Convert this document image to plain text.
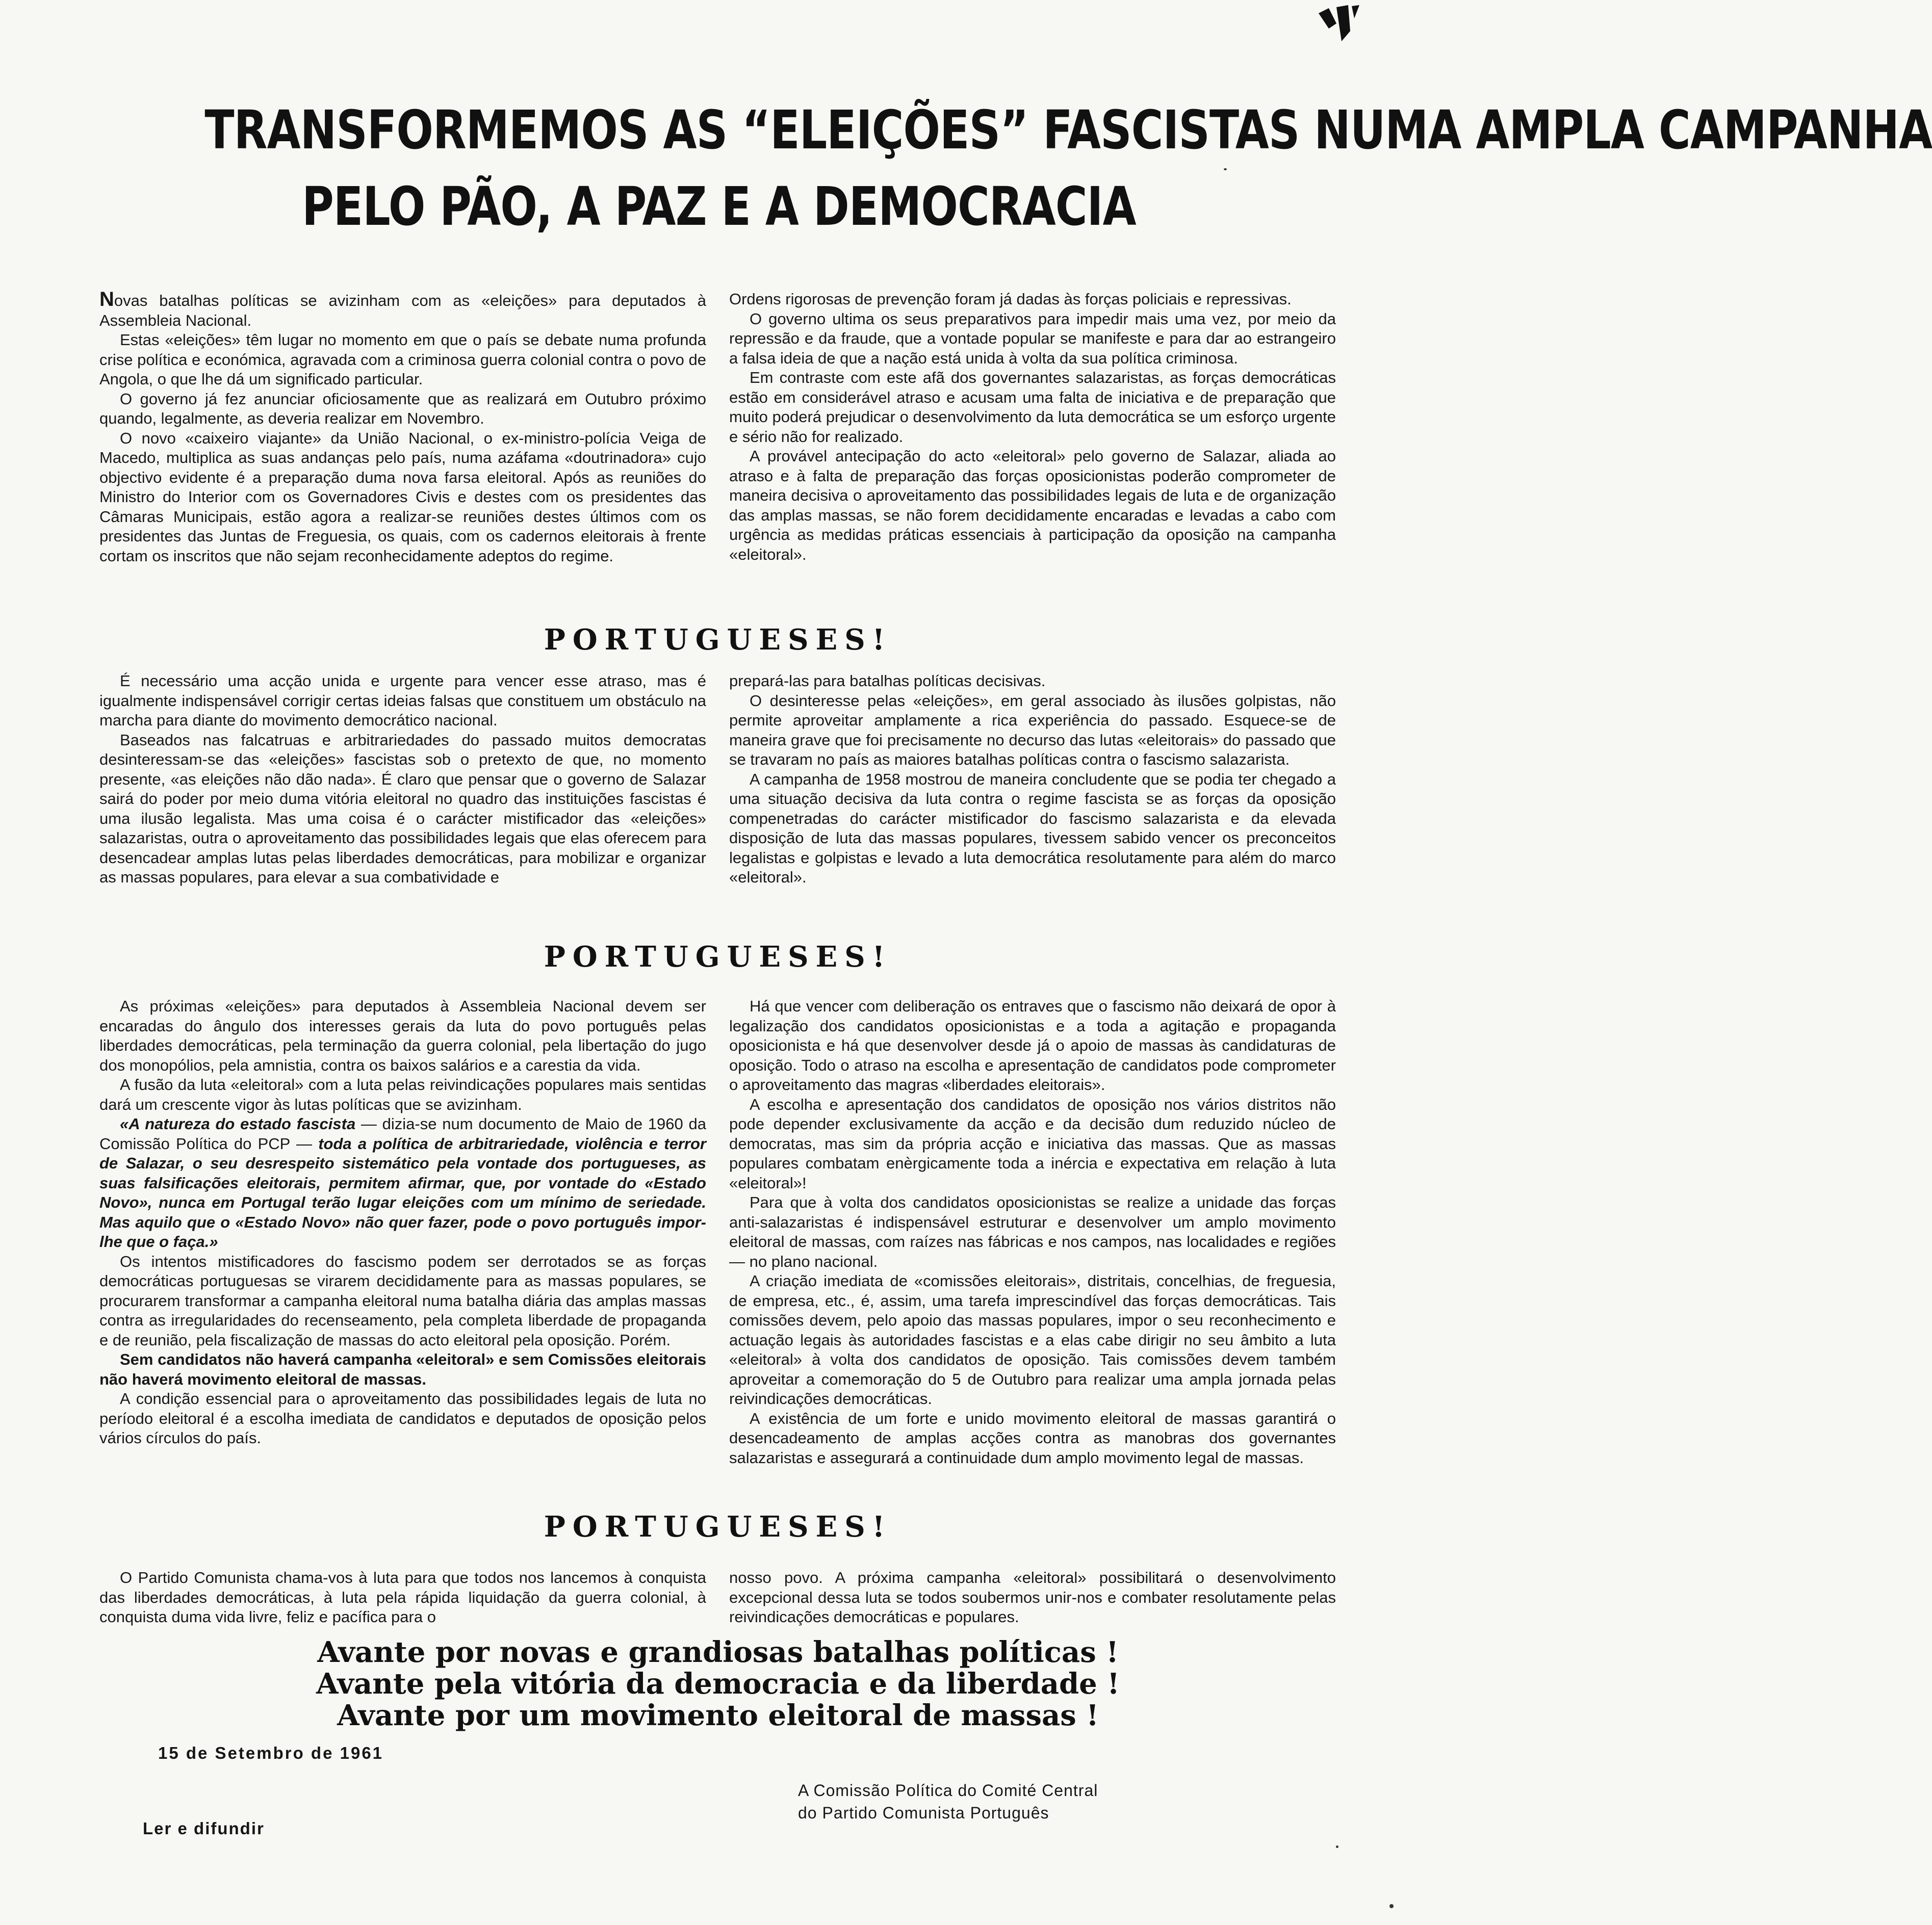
TRANSFORMEMOS AS “ELEIÇÕES” FASCISTAS NUMA AMPLA CAMPANHA
PELO PÃO, A PAZ E A DEMOCRACIA

Novas batalhas políticas se avizinham com as «eleições» para deputados à Assembleia Nacional.

Estas «eleições» têm lugar no momento em que o país se debate numa profunda crise política e económica, agravada com a criminosa guerra colonial contra o povo de Angola, o que lhe dá um significado particular.

O governo já fez anunciar oficiosamente que as realizará em Outubro próximo quando, legalmente, as deveria realizar em Novembro.

O novo «caixeiro viajante» da União Nacional, o ex-ministro-polícia Veiga de Macedo, multiplica as suas andanças pelo país, numa azáfama «doutrinadora» cujo objectivo evidente é a preparação duma nova farsa eleitoral. Após as reuniões do Ministro do Interior com os Governadores Civis e destes com os presidentes das Câmaras Municipais, estão agora a realizar-se reuniões destes últimos com os presidentes das Juntas de Freguesia, os quais, com os cadernos eleitorais à frente cortam os inscritos que não sejam reconhecidamente adeptos do regime.

Ordens rigorosas de prevenção foram já dadas às forças policiais e repressivas.

O governo ultima os seus preparativos para impedir mais uma vez, por meio da repressão e da fraude, que a vontade popular se manifeste e para dar ao estrangeiro a falsa ideia de que a nação está unida à volta da sua política criminosa.

Em contraste com este afã dos governantes salazaristas, as forças democráticas estão em considerável atraso e acusam uma falta de iniciativa e de preparação que muito poderá prejudicar o desenvolvimento da luta democrática se um esforço urgente e sério não for realizado.

A provável antecipação do acto «eleitoral» pelo governo de Salazar, aliada ao atraso e à falta de preparação das forças oposicionistas poderão comprometer de maneira decisiva o aproveitamento das possibilidades legais de luta e de organização das amplas massas, se não forem decididamente encaradas e levadas a cabo com urgência as medidas práticas essenciais à participação da oposição na campanha «eleitoral».

PORTUGUESES!

É necessário uma acção unida e urgente para vencer esse atraso, mas é igualmente indispensável corrigir certas ideias falsas que constituem um obstáculo na marcha para diante do movimento democrático nacional.

Baseados nas falcatruas e arbitrariedades do passado muitos democratas desinteressam-se das «eleições» fascistas sob o pretexto de que, no momento presente, «as eleições não dão nada». É claro que pensar que o governo de Salazar sairá do poder por meio duma vitória eleitoral no quadro das instituições fascistas é uma ilusão legalista. Mas uma coisa é o carácter mistificador das «eleições» salazaristas, outra o aproveitamento das possibilidades legais que elas oferecem para desencadear amplas lutas pelas liberdades democráticas, para mobilizar e organizar as massas populares, para elevar a sua combatividade e

prepará-las para batalhas políticas decisivas.

O desinteresse pelas «eleições», em geral associado às ilusões golpistas, não permite aproveitar amplamente a rica experiência do passado. Esquece-se de maneira grave que foi precisamente no decurso das lutas «eleitorais» do passado que se travaram no país as maiores batalhas políticas contra o fascismo salazarista.

A campanha de 1958 mostrou de maneira concludente que se podia ter chegado a uma situação decisiva da luta contra o regime fascista se as forças da oposição compenetradas do carácter mistificador do fascismo salazarista e da elevada disposição de luta das massas populares, tivessem sabido vencer os preconceitos legalistas e golpistas e levado a luta democrática resolutamente para além do marco «eleitoral».

PORTUGUESES!

As próximas «eleições» para deputados à Assembleia Nacional devem ser encaradas do ângulo dos interesses gerais da luta do povo português pelas liberdades democráticas, pela terminação da guerra colonial, pela libertação do jugo dos monopólios, pela amnistia, contra os baixos salários e a carestia da vida.

A fusão da luta «eleitoral» com a luta pelas reivindicações populares mais sentidas dará um crescente vigor às lutas políticas que se avizinham.

«A natureza do estado fascista — dizia-se num documento de Maio de 1960 da Comissão Política do PCP — toda a política de arbitrariedade, violência e terror de Salazar, o seu desrespeito sistemático pela vontade dos portugueses, as suas falsificações eleitorais, permitem afirmar, que, por vontade do «Estado Novo», nunca em Portugal terão lugar eleições com um mínimo de seriedade. Mas aquilo que o «Estado Novo» não quer fazer, pode o povo português impor-lhe que o faça.»

Os intentos mistificadores do fascismo podem ser derrotados se as forças democráticas portuguesas se virarem decididamente para as massas populares, se procurarem transformar a campanha eleitoral numa batalha diária das amplas massas contra as irregularidades do recenseamento, pela completa liberdade de propaganda e de reunião, pela fiscalização de massas do acto eleitoral pela oposição. Porém.

Sem candidatos não haverá campanha «eleitoral» e sem Comissões eleitorais não haverá movimento eleitoral de massas.

A condição essencial para o aproveitamento das possibilidades legais de luta no período eleitoral é a escolha imediata de candidatos e deputados de oposição pelos vários círculos do país.

Há que vencer com deliberação os entraves que o fascismo não deixará de opor à legalização dos candidatos oposicionistas e a toda a agitação e propaganda oposicionista e há que desenvolver desde já o apoio de massas às candidaturas de oposição. Todo o atraso na escolha e apresentação de candidatos pode comprometer o aproveitamento das magras «liberdades eleitorais».

A escolha e apresentação dos candidatos de oposição nos vários distritos não pode depender exclusivamente da acção e da decisão dum reduzido núcleo de democratas, mas sim da própria acção e iniciativa das massas. Que as massas populares combatam enèrgicamente toda a inércia e expectativa em relação à luta «eleitoral»!

Para que à volta dos candidatos oposicionistas se realize a unidade das forças anti-salazaristas é indispensável estruturar e desenvolver um amplo movimento eleitoral de massas, com raízes nas fábricas e nos campos, nas localidades e regiões — no plano nacional.

A criação imediata de «comissões eleitorais», distritais, concelhias, de freguesia, de empresa, etc., é, assim, uma tarefa imprescindível das forças democráticas. Tais comissões devem, pelo apoio das massas populares, impor o seu reconhecimento e actuação legais às autoridades fascistas e a elas cabe dirigir no seu âmbito a luta «eleitoral» à volta dos candidatos de oposição. Tais comissões devem também aproveitar a comemoração do 5 de Outubro para realizar uma ampla jornada pelas reivindicações democráticas.

A existência de um forte e unido movimento eleitoral de massas garantirá o desencadeamento de amplas acções contra as manobras dos governantes salazaristas e assegurará a continuidade dum amplo movimento legal de massas.

PORTUGUESES!

O Partido Comunista chama-vos à luta para que todos nos lancemos à conquista das liberdades democráticas, à luta pela rápida liquidação da guerra colonial, à conquista duma vida livre, feliz e pacífica para o

nosso povo. A próxima campanha «eleitoral» possibilitará o desenvolvimento excepcional dessa luta se todos soubermos unir-nos e combater resolutamente pelas reivindicações democráticas e populares.

Avante por novas e grandiosas batalhas políticas !
Avante pela vitória da democracia e da liberdade !
Avante por um movimento eleitoral de massas !
15 de Setembro de 1961
A Comissão Política do Comité Central
do Partido Comunista Português
Ler e difundir
